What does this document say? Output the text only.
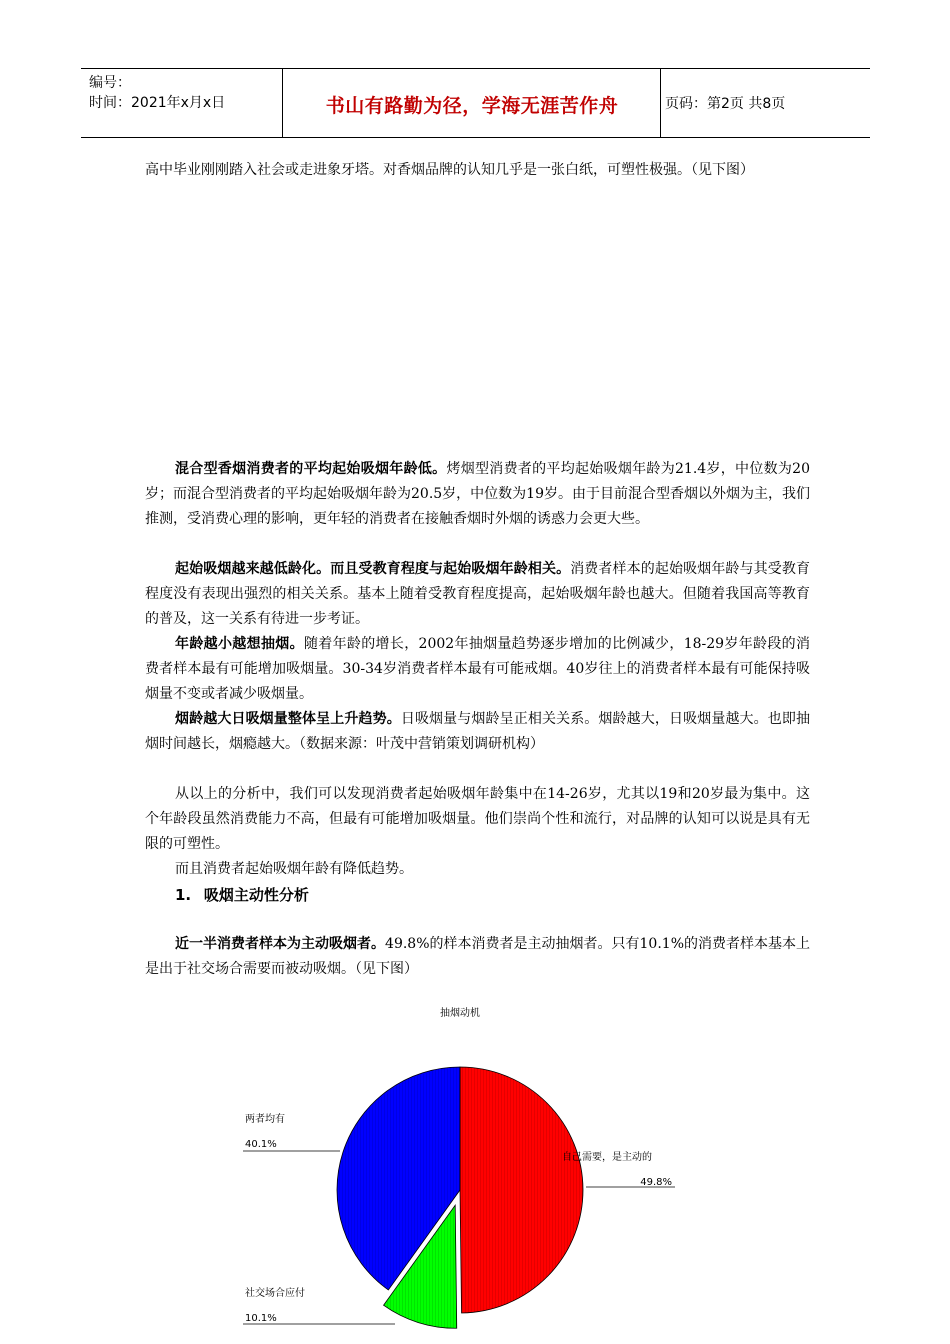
编号：
时间：2021年x月x日	书山有路勤为径，学海无涯苦作舟	页码：第2页 共8页
高中毕业刚刚踏入社会或走进象牙塔。对香烟品牌的认知几乎是一张白纸，可塑性极强。（见下图）
混合型香烟消费者的平均起始吸烟年龄低。烤烟型消费者的平均起始吸烟年龄为21.4岁，中位数为20岁；而混合型消费者的平均起始吸烟年龄为20.5岁，中位数为19岁。由于目前混合型香烟以外烟为主，我们推测，受消费心理的影响，更年轻的消费者在接触香烟时外烟的诱惑力会更大些。
起始吸烟越来越低龄化。而且受教育程度与起始吸烟年龄相关。消费者样本的起始吸烟年龄与其受教育程度没有表现出强烈的相关关系。基本上随着受教育程度提高，起始吸烟年龄也越大。但随着我国高等教育的普及，这一关系有待进一步考证。
年龄越小越想抽烟。随着年龄的增长，2002年抽烟量趋势逐步增加的比例减少，18-29岁年龄段的消费者样本最有可能增加吸烟量。30-34岁消费者样本最有可能戒烟。40岁往上的消费者样本最有可能保持吸烟量不变或者减少吸烟量。
烟龄越大日吸烟量整体呈上升趋势。日吸烟量与烟龄呈正相关关系。烟龄越大，日吸烟量越大。也即抽烟时间越长，烟瘾越大。（数据来源：叶茂中营销策划调研机构）
从以上的分析中，我们可以发现消费者起始吸烟年龄集中在14-26岁，尤其以19和20岁最为集中。这个年龄段虽然消费能力不高，但最有可能增加吸烟量。他们崇尚个性和流行，对品牌的认知可以说是具有无限的可塑性。
而且消费者起始吸烟年龄有降低趋势。
1.  吸烟主动性分析
近一半消费者样本为主动吸烟者。49.8%的样本消费者是主动抽烟者。只有10.1%的消费者样本基本上是出于社交场合需要而被动吸烟。（见下图）
抽烟动机
自己需要，是主动的
49.8%
社交场合应付
10.1%
两者均有
40.1%
